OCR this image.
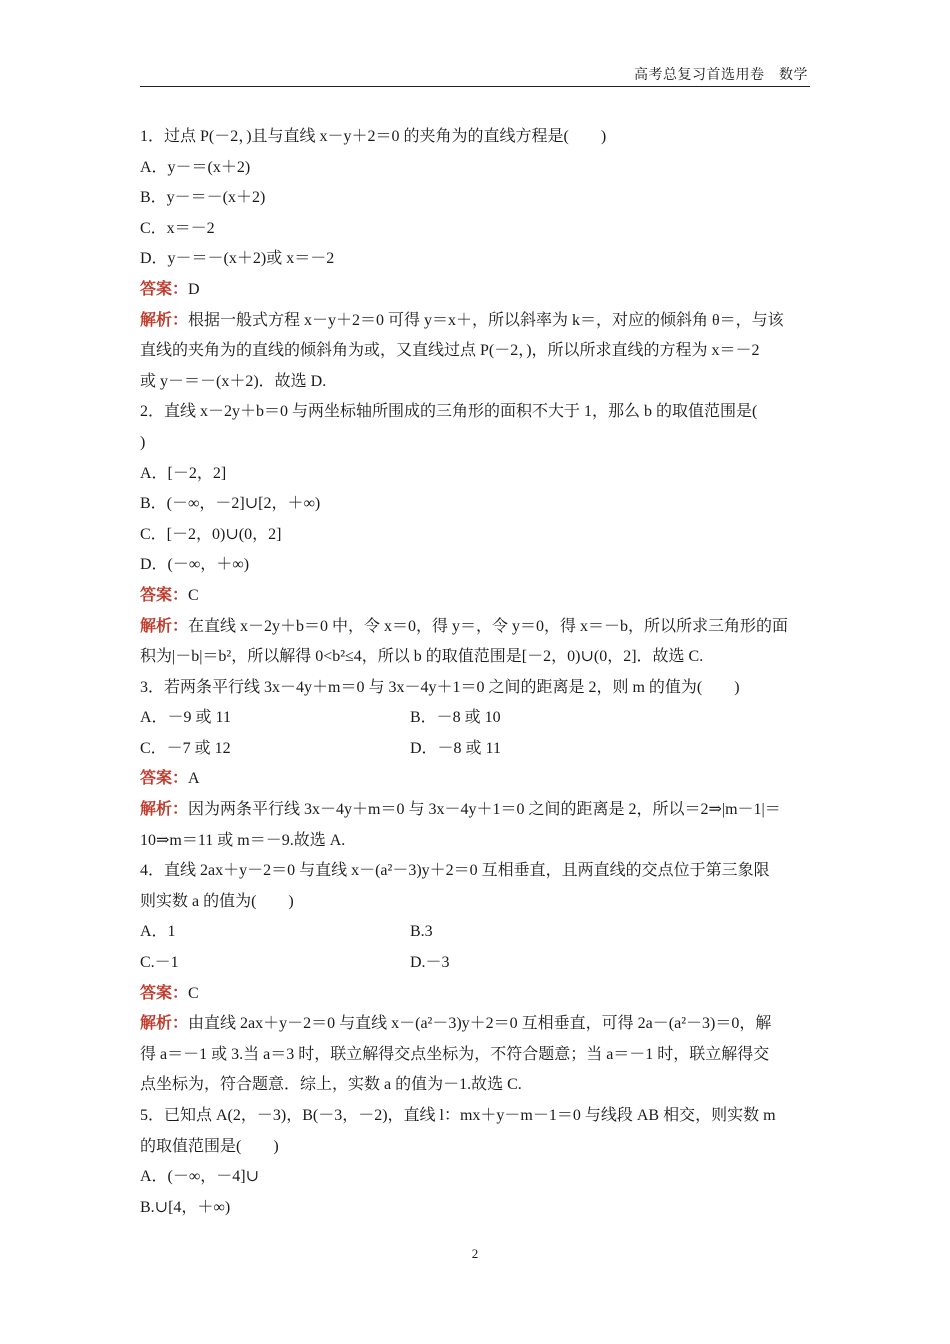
高考总复习首选用卷　数学
1．过点 P(－2，)且与直线 x－y＋2＝0 的夹角为的直线方程是(　　)
A．y－＝(x＋2)
B．y－＝－(x＋2)
C．x＝－2
D．y－＝－(x＋2)或 x＝－2
答案：D
解析：根据一般式方程 x－y＋2＝0 可得 y＝x＋，所以斜率为 k＝，对应的倾斜角 θ＝，与该
直线的夹角为的直线的倾斜角为或，又直线过点 P(－2，)，所以所求直线的方程为 x＝－2
或 y－＝－(x＋2)．故选 D.
2．直线 x－2y＋b＝0 与两坐标轴所围成的三角形的面积不大于 1，那么 b 的取值范围是(
)
A．[－2，2]
B．(－∞，－2]∪[2，＋∞)
C．[－2，0)∪(0，2]
D．(－∞，＋∞)
答案：C
解析：在直线 x－2y＋b＝0 中，令 x＝0，得 y＝，令 y＝0，得 x＝－b，所以所求三角形的面
积为|－b|＝b²，所以解得 0<b²≤4，所以 b 的取值范围是[－2，0)∪(0，2]．故选 C.
3．若两条平行线 3x－4y＋m＝0 与 3x－4y＋1＝0 之间的距离是 2，则 m 的值为(　　)
A．－9 或 11	B．－8 或 10
C．－7 或 12	D．－8 或 11
答案：A
解析：因为两条平行线 3x－4y＋m＝0 与 3x－4y＋1＝0 之间的距离是 2，所以＝2⇒|m－1|＝
10⇒m＝11 或 m＝－9.故选 A.
4．直线 2ax＋y－2＝0 与直线 x－(a²－3)y＋2＝0 互相垂直，且两直线的交点位于第三象限
则实数 a 的值为(　　)
A．1	B.3
C.－1	D.－3
答案：C
解析：由直线 2ax＋y－2＝0 与直线 x－(a²－3)y＋2＝0 互相垂直，可得 2a－(a²－3)＝0，解
得 a＝－1 或 3.当 a＝3 时，联立解得交点坐标为，不符合题意；当 a＝－1 时，联立解得交
点坐标为，符合题意．综上，实数 a 的值为－1.故选 C.
5．已知点 A(2，－3)，B(－3，－2)，直线 l：mx＋y－m－1＝0 与线段 AB 相交，则实数 m
的取值范围是(　　)
A．(－∞，－4]∪
B.∪[4，＋∞)
2
